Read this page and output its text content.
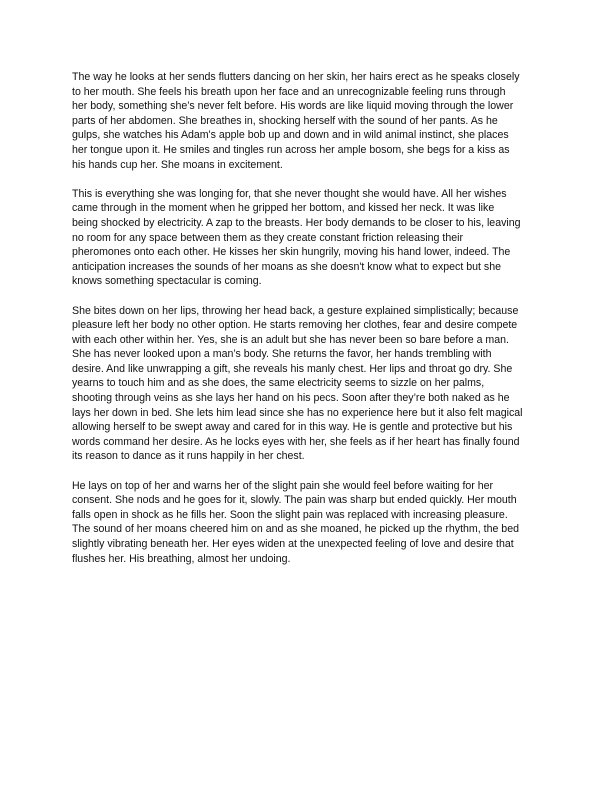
The way he looks at her sends flutters dancing on her skin, her hairs erect as he speaks closely
to her mouth. She feels his breath upon her face and an unrecognizable feeling runs through
her body, something she’s never felt before. His words are like liquid moving through the lower
parts of her abdomen. She breathes in, shocking herself with the sound of her pants. As he
gulps, she watches his Adam's apple bob up and down and in wild animal instinct, she places
her tongue upon it. He smiles and tingles run across her ample bosom, she begs for a kiss as
his hands cup her. She moans in excitement.

This is everything she was longing for, that she never thought she would have. All her wishes
came through in the moment when he gripped her bottom, and kissed her neck. It was like
being shocked by electricity. A zap to the breasts. Her body demands to be closer to his, leaving
no room for any space between them as they create constant friction releasing their
pheromones onto each other. He kisses her skin hungrily, moving his hand lower, indeed. The
anticipation increases the sounds of her moans as she doesn't know what to expect but she
knows something spectacular is coming.

She bites down on her lips, throwing her head back, a gesture explained simplistically; because
pleasure left her body no other option. He starts removing her clothes, fear and desire compete
with each other within her. Yes, she is an adult but she has never been so bare before a man.
She has never looked upon a man’s body. She returns the favor, her hands trembling with
desire. And like unwrapping a gift, she reveals his manly chest. Her lips and throat go dry. She
yearns to touch him and as she does, the same electricity seems to sizzle on her palms,
shooting through veins as she lays her hand on his pecs. Soon after they’re both naked as he
lays her down in bed. She lets him lead since she has no experience here but it also felt magical
allowing herself to be swept away and cared for in this way. He is gentle and protective but his
words command her desire. As he locks eyes with her, she feels as if her heart has finally found
its reason to dance as it runs happily in her chest.

He lays on top of her and warns her of the slight pain she would feel before waiting for her
consent. She nods and he goes for it, slowly. The pain was sharp but ended quickly. Her mouth
falls open in shock as he fills her. Soon the slight pain was replaced with increasing pleasure.
The sound of her moans cheered him on and as she moaned, he picked up the rhythm, the bed
slightly vibrating beneath her. Her eyes widen at the unexpected feeling of love and desire that
flushes her. His breathing, almost her undoing.
